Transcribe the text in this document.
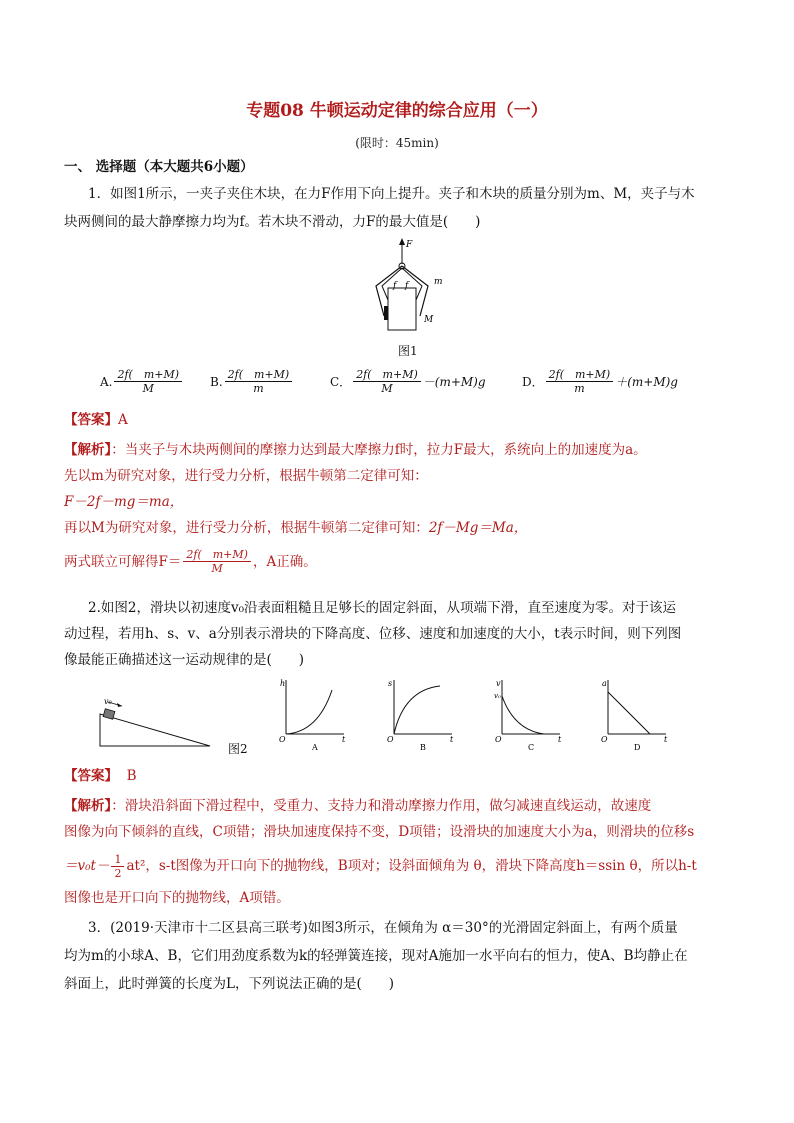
专题08 牛顿运动定律的综合应用（一）
(限时：45min)
一、 选择题（本大题共6小题）
1．如图1所示，一夹子夹住木块，在力F作用下向上提升。夹子和木块的质量分别为m、M，夹子与木
块两侧间的最大静摩擦力均为f。若木块不滑动，力F的最大值是(　　)
F
f f	m
M
图1
A. $\frac{2f( m+M)}{M} B$. $\frac{2f( m+M)}{m}$	C． $\frac{2f( m+M)}{M} -(m+M)g$	D． $\frac{2f( m+M)}{m} +(m+M)g$
【答案】A
【解析】：当夹子与木块两侧间的摩擦力达到最大摩擦力f时，拉力F最大，系统向上的加速度为a。
先以m为研究对象，进行受力分析，根据牛顿第二定律可知：
F－2f－mg＝ma，
再以M为研究对象，进行受力分析，根据牛顿第二定律可知：2f－Mg＝Ma，
两式联立可解得$F= \frac{2f( m+M)}{M}$ ，A正确。
2.如图2，滑块以初速度v₀沿表面粗糙且足够长的固定斜面，从项端下滑，直至速度为零。对于该运
动过程，若用h、s、v、a分别表示滑块的下降高度、位移、速度和加速度的大小，t表示时间，则下列图
像最能正确描述这一运动规律的是(　　)
v₀
图2
h
t
O
A
s
t
O
B
v
v₀
t
O
C
a
t
O
D
【答案】 B
【解析】：滑块沿斜面下滑过程中，受重力、支持力和滑动摩擦力作用，做匀减速直线运动，故速度
图像为向下倾斜的直线，C项错；滑块加速度保持不变，D项错；设滑块的加速度大小为a，则滑块的位移s
$=v_0t- \frac{1}{2} at^2$，s-t图像为开口向下的抛物线，B项对；设斜面倾角为 θ，滑块下降高度h＝ssin θ，所以h-t
图像也是开口向下的抛物线，A项错。
3．(2019·天津市十二区县高三联考)如图3所示，在倾角为 α＝30°的光滑固定斜面上，有两个质量
均为m的小球A、B，它们用劲度系数为k的轻弹簧连接，现对A施加一水平向右的恒力，使A、B均静止在
斜面上，此时弹簧的长度为L，下列说法正确的是(　　)
